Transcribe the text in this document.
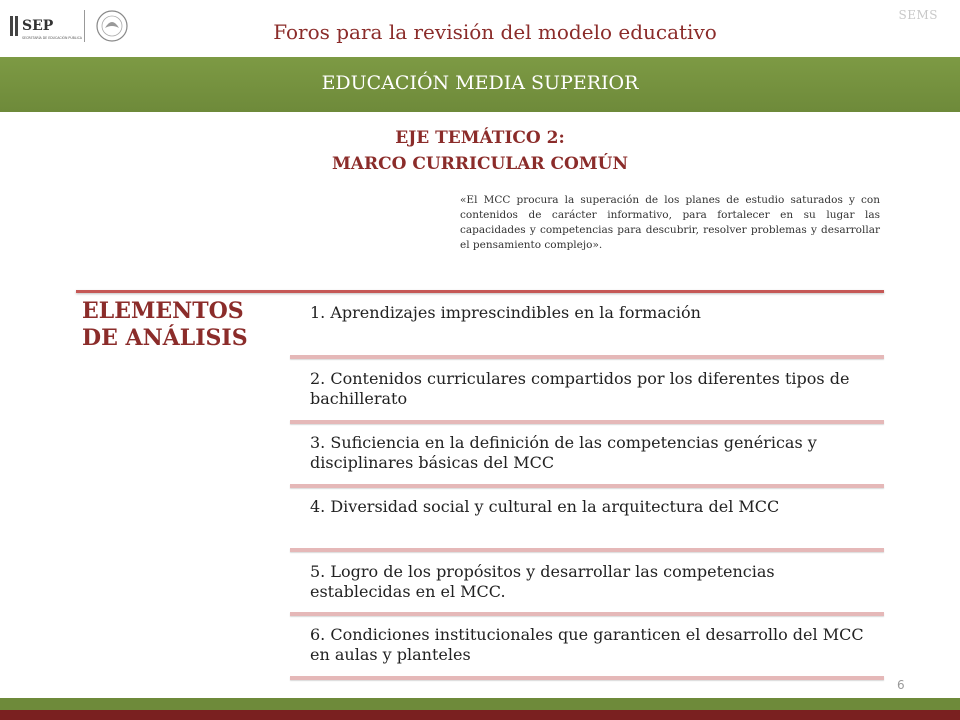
SEP
SECRETARÍA DE EDUCACIÓN PÚBLICA
SEMS
Foros para la revisión del modelo educativo
EDUCACIÓN MEDIA SUPERIOR
EJE TEMÁTICO 2:
MARCO CURRICULAR COMÚN
«El MCC procura la superación de los planes de estudio saturados y con contenidos de carácter informativo, para fortalecer en su lugar las capacidades y competencias para descubrir, resolver problemas y desarrollar el pensamiento complejo».
ELEMENTOS
DE ANÁLISIS
1. Aprendizajes imprescindibles en la formación
2. Contenidos curriculares compartidos por los diferentes tipos de bachillerato
3. Suficiencia en la definición de las competencias genéricas y disciplinares básicas del MCC
4. Diversidad social y cultural en la arquitectura del MCC
5. Logro de los propósitos y desarrollar las competencias establecidas en el MCC.
6. Condiciones institucionales que garanticen el desarrollo del MCC en aulas y planteles
6
